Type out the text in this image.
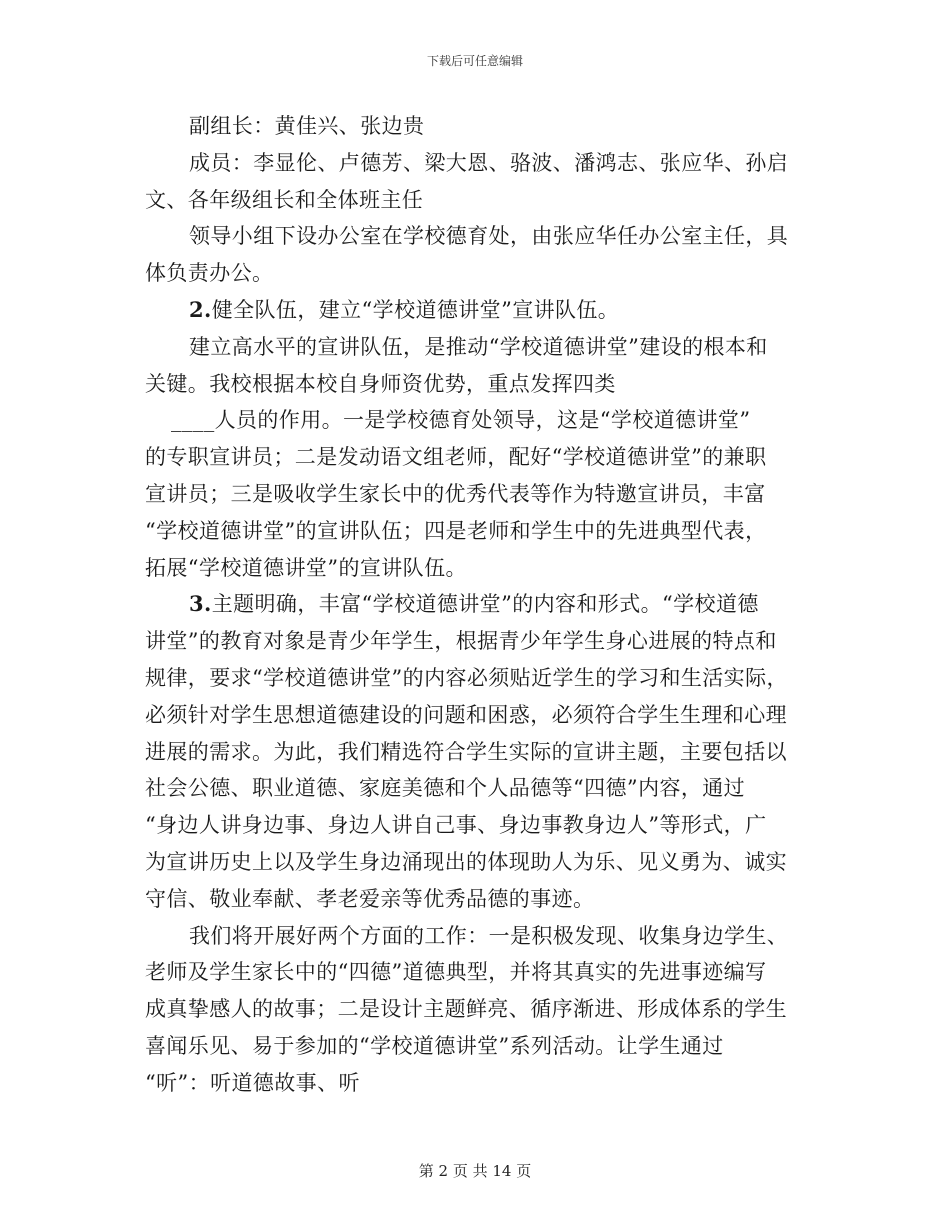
下载后可任意编辑
副组长：黄佳兴、张边贵
成员：李显伦、卢德芳、梁大恩、骆波、潘鸿志、张应华、孙启
文、各年级组长和全体班主任
领导小组下设办公室在学校德育处，由张应华任办公室主任，具
体负责办公。
2.健全队伍，建立“学校道德讲堂”宣讲队伍。
建立高水平的宣讲队伍，是推动“学校道德讲堂”建设的根本和
关键。我校根据本校自身师资优势，重点发挥四类
____人员的作用。一是学校德育处领导，这是“学校道德讲堂”
的专职宣讲员；二是发动语文组老师，配好“学校道德讲堂”的兼职
宣讲员；三是吸收学生家长中的优秀代表等作为特邀宣讲员，丰富
“学校道德讲堂”的宣讲队伍；四是老师和学生中的先进典型代表，
拓展“学校道德讲堂”的宣讲队伍。
3.主题明确，丰富“学校道德讲堂”的内容和形式。“学校道德
讲堂”的教育对象是青少年学生，根据青少年学生身心进展的特点和
规律，要求“学校道德讲堂”的内容必须贴近学生的学习和生活实际，
必须针对学生思想道德建设的问题和困惑，必须符合学生生理和心理
进展的需求。为此，我们精选符合学生实际的宣讲主题，主要包括以
社会公德、职业道德、家庭美德和个人品德等“四德”内容，通过
“身边人讲身边事、身边人讲自己事、身边事教身边人”等形式，广
为宣讲历史上以及学生身边涌现出的体现助人为乐、见义勇为、诚实
守信、敬业奉献、孝老爱亲等优秀品德的事迹。
我们将开展好两个方面的工作：一是积极发现、收集身边学生、
老师及学生家长中的“四德”道德典型，并将其真实的先进事迹编写
成真挚感人的故事；二是设计主题鲜亮、循序渐进、形成体系的学生
喜闻乐见、易于参加的“学校道德讲堂”系列活动。让学生通过
“听”：听道德故事、听
第 2 页 共 14 页
